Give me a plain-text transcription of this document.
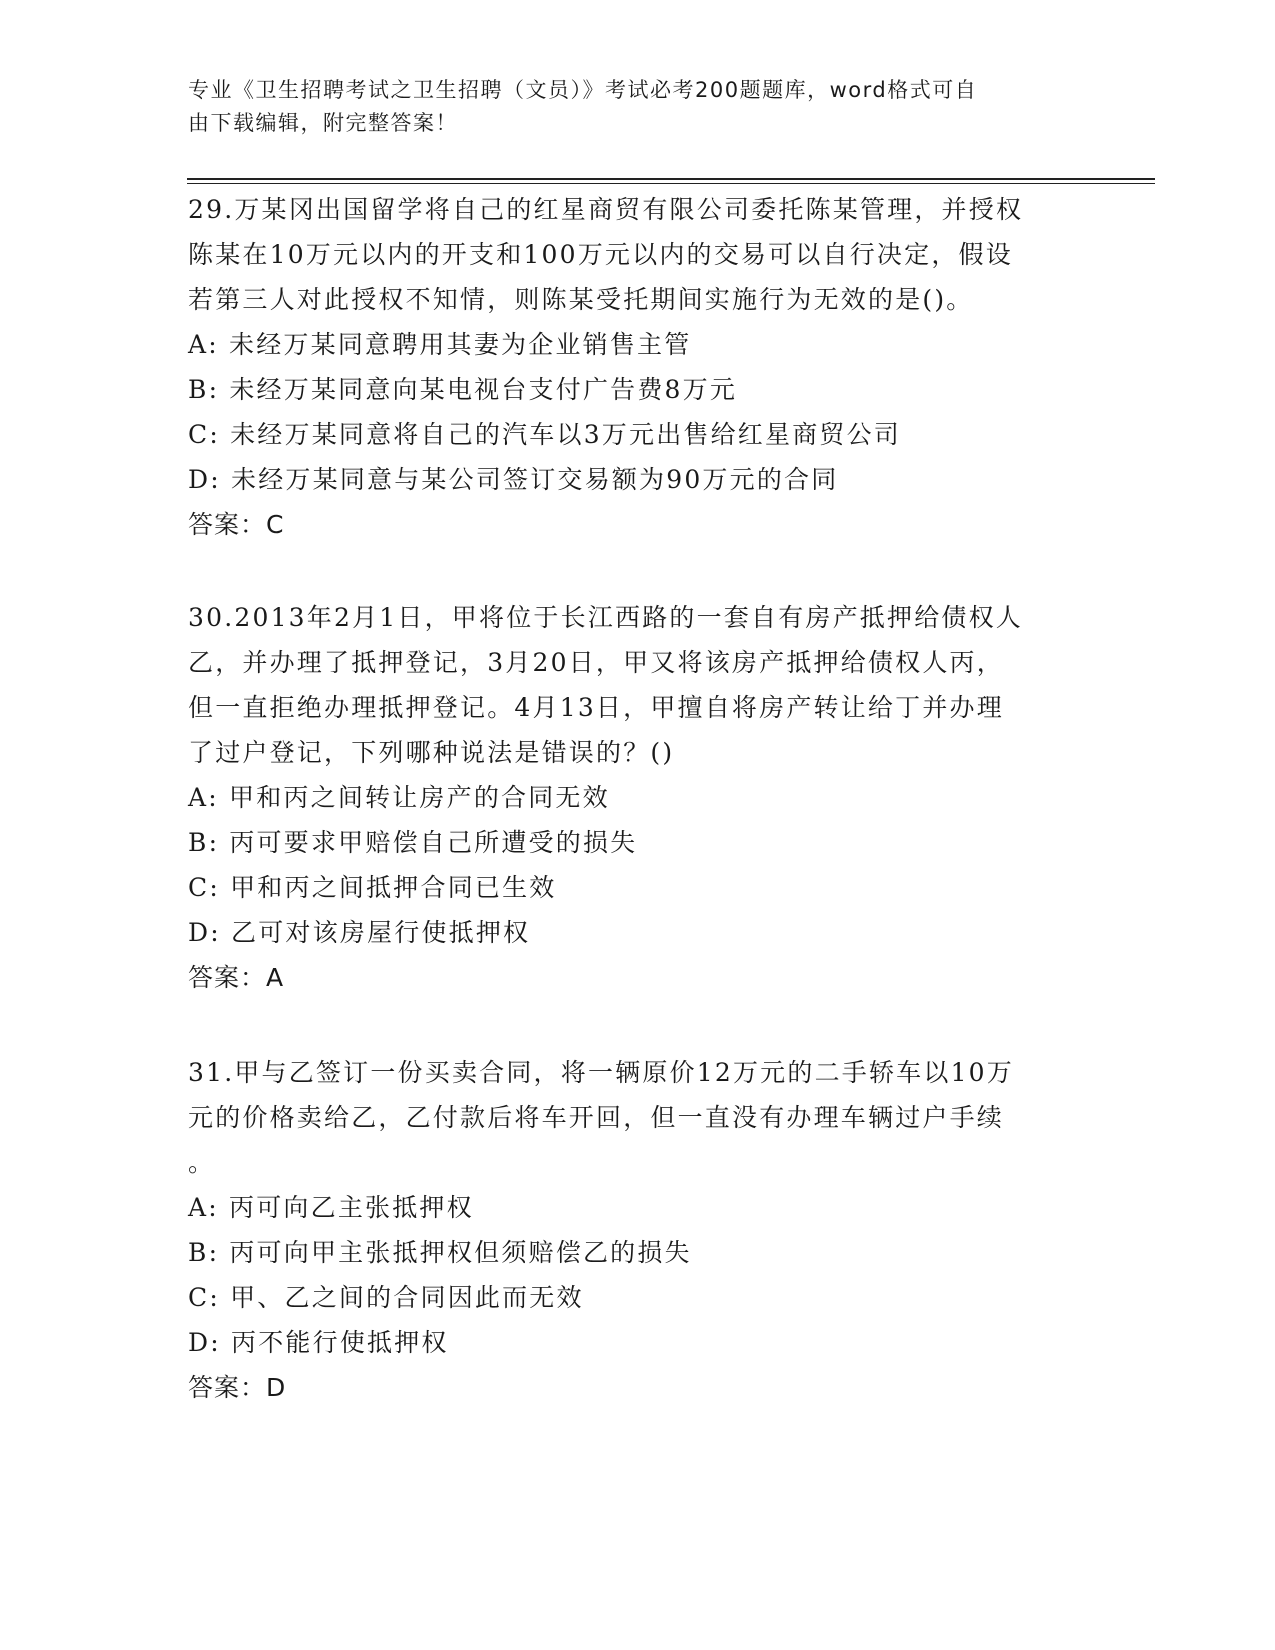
专业《卫生招聘考试之卫生招聘（文员）》考试必考200题题库，word格式可自
由下载编辑，附完整答案！

29.万某冈出国留学将自己的红星商贸有限公司委托陈某管理，并授权

陈某在10万元以内的开支和100万元以内的交易可以自行决定，假设

若第三人对此授权不知情，则陈某受托期间实施行为无效的是()。

A: 未经万某同意聘用其妻为企业销售主管

B: 未经万某同意向某电视台支付广告费8万元

C: 未经万某同意将自己的汽车以3万元出售给红星商贸公司

D: 未经万某同意与某公司签订交易额为90万元的合同

答案：C

30.2013年2月1日，甲将位于长江西路的一套自有房产抵押给债权人

乙，并办理了抵押登记，3月20日，甲又将该房产抵押给债权人丙，

但一直拒绝办理抵押登记。4月13日，甲擅自将房产转让给丁并办理

了过户登记，下列哪种说法是错误的？()

A: 甲和丙之间转让房产的合同无效

B: 丙可要求甲赔偿自己所遭受的损失

C: 甲和丙之间抵押合同已生效

D: 乙可对该房屋行使抵押权

答案：A

31.甲与乙签订一份买卖合同，将一辆原价12万元的二手轿车以10万

元的价格卖给乙，乙付款后将车开回，但一直没有办理车辆过户手续

。

A: 丙可向乙主张抵押权

B: 丙可向甲主张抵押权但须赔偿乙的损失

C: 甲、乙之间的合同因此而无效

D: 丙不能行使抵押权

答案：D
